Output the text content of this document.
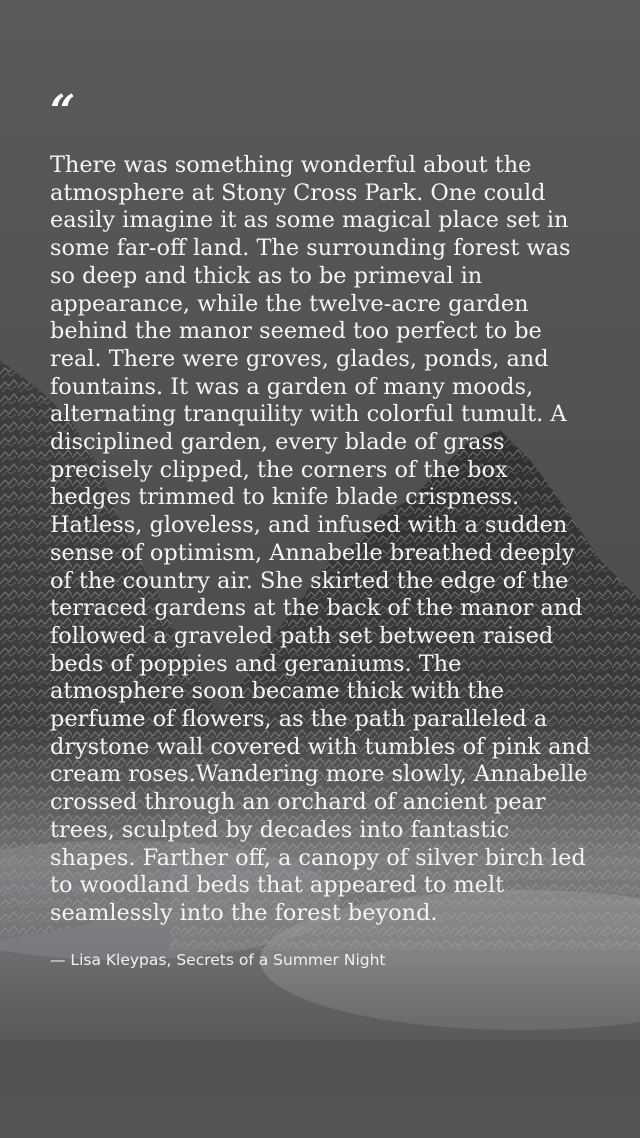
“

There was something wonderful about the atmosphere at Stony Cross Park. One could easily imagine it as some magical place set in some far-off land. The surrounding forest was so deep and thick as to be primeval in appearance, while the twelve-acre garden behind the manor seemed too perfect to be real. There were groves, glades, ponds, and fountains. It was a garden of many moods, alternating tranquility with colorful tumult. A disciplined garden, every blade of grass precisely clipped, the corners of the box hedges trimmed to knife blade crispness. Hatless, gloveless, and infused with a sudden sense of optimism, Annabelle breathed deeply of the country air. She skirted the edge of the terraced gardens at the back of the manor and followed a graveled path set between raised beds of poppies and geraniums. The atmosphere soon became thick with the perfume of flowers, as the path paralleled a drystone wall covered with tumbles of pink and cream roses.Wandering more slowly, Annabelle crossed through an orchard of ancient pear trees, sculpted by decades into fantastic shapes. Farther off, a canopy of silver birch led to woodland beds that appeared to melt seamlessly into the forest beyond.

— Lisa Kleypas, Secrets of a Summer Night
